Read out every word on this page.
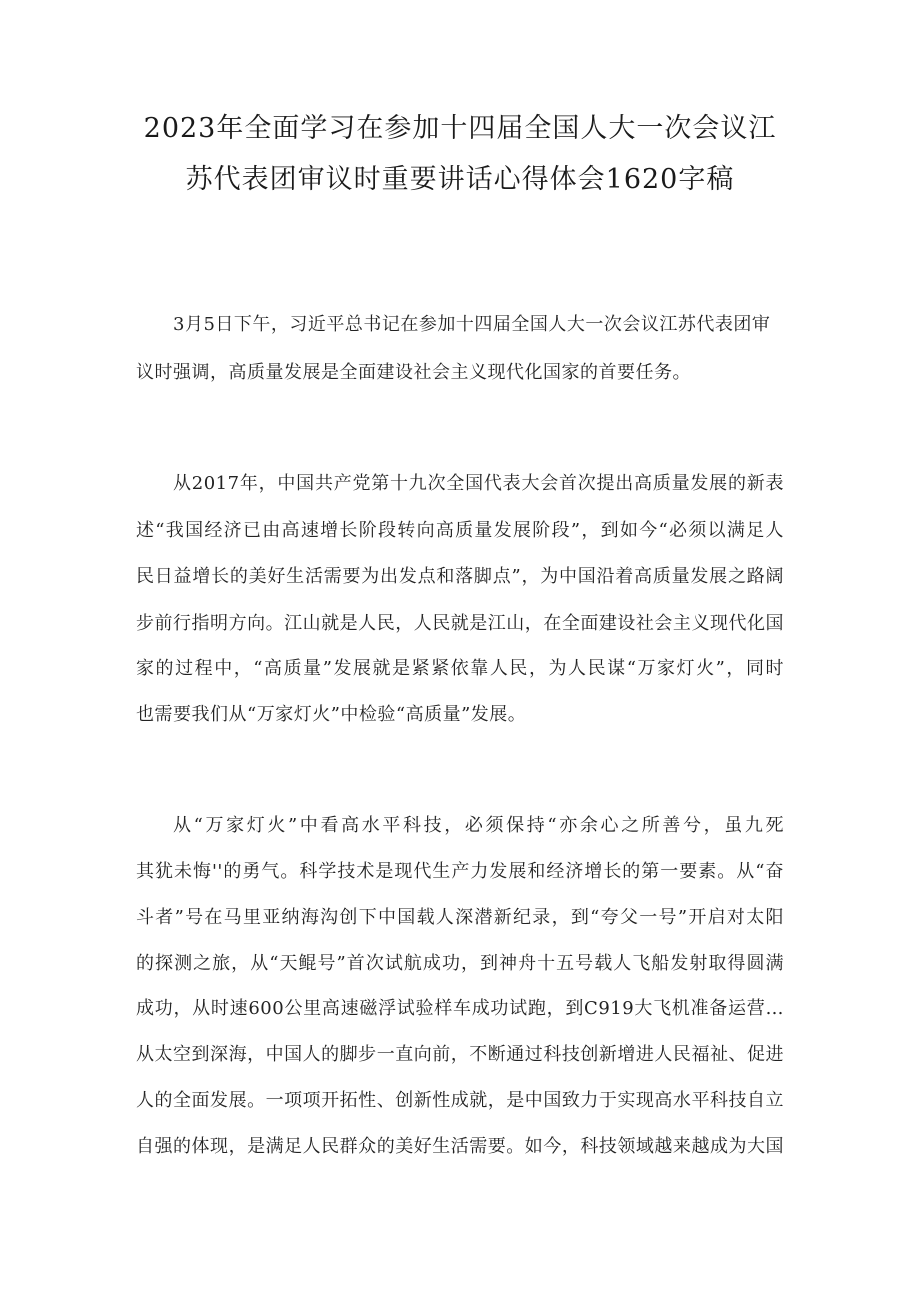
2023年全面学习在参加十四届全国人大一次会议江
苏代表团审议时重要讲话心得体会1620字稿
3月5日下午，习近平总书记在参加十四届全国人大一次会议江苏代表团审
议时强调，高质量发展是全面建设社会主义现代化国家的首要任务。
从2017年，中国共产党第十九次全国代表大会首次提出高质量发展的新表
述“我国经济已由高速增长阶段转向高质量发展阶段”，到如今“必须以满足人
民日益增长的美好生活需要为出发点和落脚点”，为中国沿着高质量发展之路阔
步前行指明方向。江山就是人民，人民就是江山，在全面建设社会主义现代化国
家的过程中，“高质量”发展就是紧紧依靠人民，为人民谋“万家灯火”，同时
也需要我们从“万家灯火”中检验“高质量”发展。
从“万家灯火”中看高水平科技，必须保持“亦余心之所善兮，虽九死
其犹未悔''的勇气。科学技术是现代生产力发展和经济增长的第一要素。从“奋
斗者”号在马里亚纳海沟创下中国载人深潜新纪录，到“夸父一号”开启对太阳
的探测之旅，从“天鲲号”首次试航成功，到神舟十五号载人飞船发射取得圆满
成功，从时速600公里高速磁浮试验样车成功试跑，到C919大飞机准备运营…
从太空到深海，中国人的脚步一直向前，不断通过科技创新增进人民福祉、促进
人的全面发展。一项项开拓性、创新性成就，是中国致力于实现高水平科技自立
自强的体现，是满足人民群众的美好生活需要。如今，科技领域越来越成为大国
